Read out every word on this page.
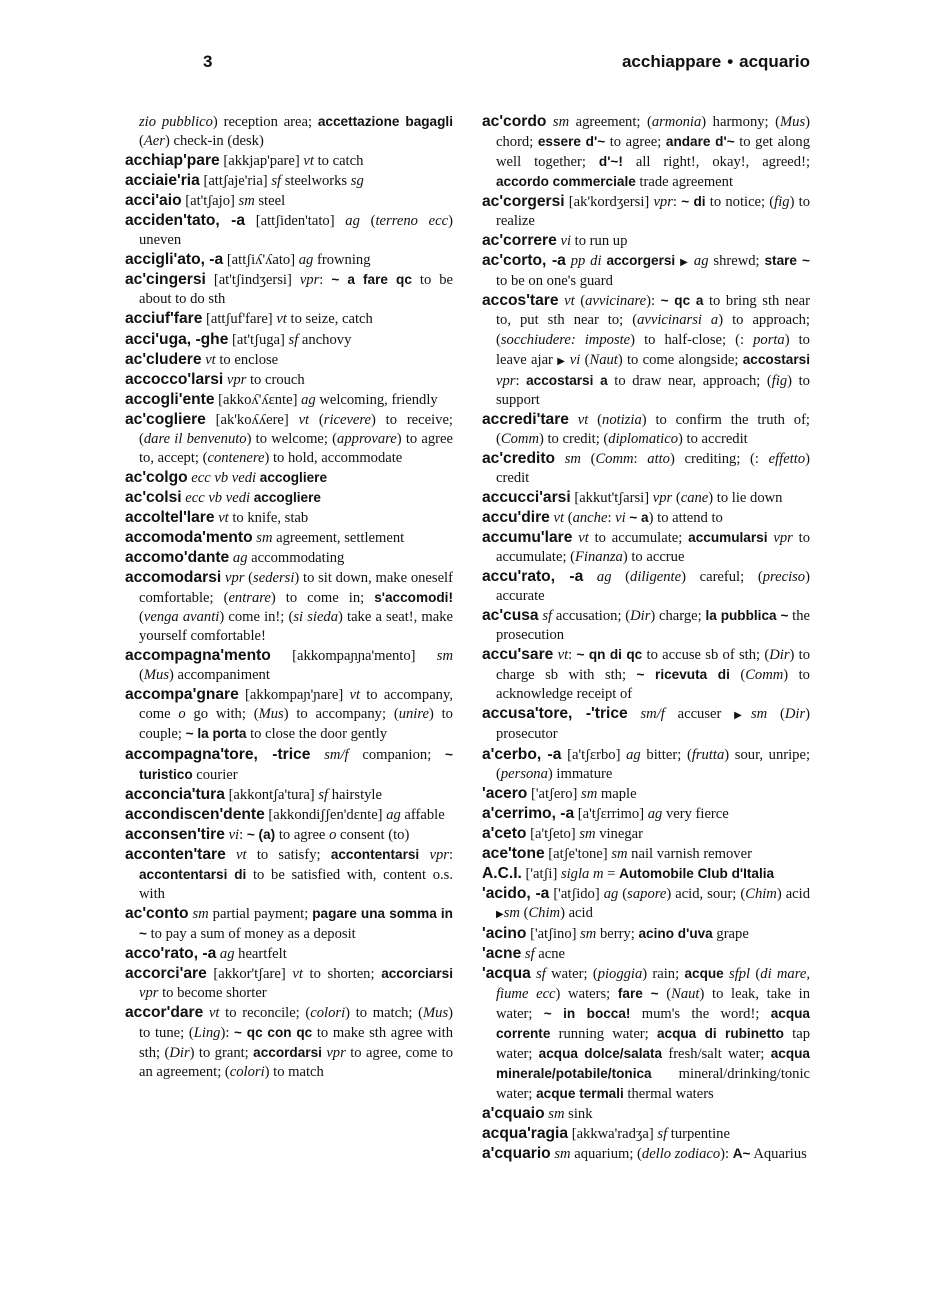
3	acchiappare • acquario

zio pubblico) reception area; accettazione bagagli (Aer) check-in (desk)

acchiap'pare [akkjap'pare] vt to catch

acciaie'ria [attʃaje'ria] sf steelworks sg

acci'aio [at'tʃajo] sm steel

acciden'tato, -a [attʃiden'tato] ag (terreno ecc) uneven

accigli'ato, -a [attʃiʎ'ʎato] ag frowning

ac'cingersi [at'tʃindʒersi] vpr: ~ a fare qc to be about to do sth

acciuf'fare [attʃuf'fare] vt to seize, catch

acci'uga, -ghe [at'tʃuga] sf anchovy

ac'cludere vt to enclose

accocco'larsi vpr to crouch

accogli'ente [akkoʎ'ʎɛnte] ag welcoming, friendly

ac'cogliere [ak'koʎʎere] vt (ricevere) to receive; (dare il benvenuto) to welcome; (approvare) to agree to, accept; (contenere) to hold, accommodate

ac'colgo ecc vb vedi accogliere

ac'colsi ecc vb vedi accogliere

accoltel'lare vt to knife, stab

accomoda'mento sm agreement, settlement

accomo'dante ag accommodating

accomodarsi vpr (sedersi) to sit down, make oneself comfortable; (entrare) to come in; s'accomodi! (venga avanti) come in!; (si sieda) take a seat!, make yourself comfortable!

accompagna'mento [akkompaɲɲa'mento] sm (Mus) accompaniment

accompa'gnare [akkompaɲ'ɲare] vt to accompany, come o go with; (Mus) to accompany; (unire) to couple; ~ la porta to close the door gently

accompagna'tore, -trice sm/f companion; ~ turistico courier

acconcia'tura [akkontʃa'tura] sf hairstyle

accondiscen'dente [akkondiʃʃen'dɛnte] ag affable

acconsen'tire vi: ~ (a) to agree o consent (to)

acconten'tare vt to satisfy; accontentarsi vpr: accontentarsi di to be satisfied with, content o.s. with

ac'conto sm partial payment; pagare una somma in ~ to pay a sum of money as a deposit

acco'rato, -a ag heartfelt

accorci'are [akkor'tʃare] vt to shorten; accorciarsi vpr to become shorter

accor'dare vt to reconcile; (colori) to match; (Mus) to tune; (Ling): ~ qc con qc to make sth agree with sth; (Dir) to grant; accordarsi vpr to agree, come to an agreement; (colori) to match

ac'cordo sm agreement; (armonia) harmony; (Mus) chord; essere d'~ to agree; andare d'~ to get along well together; d'~! all right!, okay!, agreed!; accordo commerciale trade agreement

ac'corgersi [ak'kordʒersi] vpr: ~ di to notice; (fig) to realize

ac'correre vi to run up

ac'corto, -a pp di accorgersi ▶ ag shrewd; stare ~ to be on one's guard

accos'tare vt (avvicinare): ~ qc a to bring sth near to, put sth near to; (avvicinarsi a) to approach; (socchiudere: imposte) to half-close; (: porta) to leave ajar ▶ vi (Naut) to come alongside; accostarsi vpr: accostarsi a to draw near, approach; (fig) to support

accredi'tare vt (notizia) to confirm the truth of; (Comm) to credit; (diplomatico) to accredit

ac'credito sm (Comm: atto) crediting; (: effetto) credit

accucci'arsi [akkut'tʃarsi] vpr (cane) to lie down

accu'dire vt (anche: vi ~ a) to attend to

accumu'lare vt to accumulate; accumularsi vpr to accumulate; (Finanza) to accrue

accu'rato, -a ag (diligente) careful; (preciso) accurate

ac'cusa sf accusation; (Dir) charge; la pubblica ~ the prosecution

accu'sare vt: ~ qn di qc to accuse sb of sth; (Dir) to charge sb with sth; ~ ricevuta di (Comm) to acknowledge receipt of

accusa'tore, -'trice sm/f accuser ▶sm (Dir) prosecutor

a'cerbo, -a [a'tʃɛrbo] ag bitter; (frutta) sour, unripe; (persona) immature

'acero ['atʃero] sm maple

a'cerrimo, -a [a'tʃɛrrimo] ag very fierce

a'ceto [a'tʃeto] sm vinegar

ace'tone [atʃe'tone] sm nail varnish remover

A.C.I. ['atʃi] sigla m = Automobile Club d'Italia

'acido, -a ['atʃido] ag (sapore) acid, sour; (Chim) acid ▶sm (Chim) acid

'acino ['atʃino] sm berry; acino d'uva grape

'acne sf acne

'acqua sf water; (pioggia) rain; acque sfpl (di mare, fiume ecc) waters; fare ~ (Naut) to leak, take in water; ~ in bocca! mum's the word!; acqua corrente running water; acqua di rubinetto tap water; acqua dolce/salata fresh/salt water; acqua minerale/potabile/tonica mineral/drinking/tonic water; acque termali thermal waters

a'cquaio sm sink

acqua'ragia [akkwa'radʒa] sf turpentine

a'cquario sm aquarium; (dello zodiaco): A~ Aquarius
